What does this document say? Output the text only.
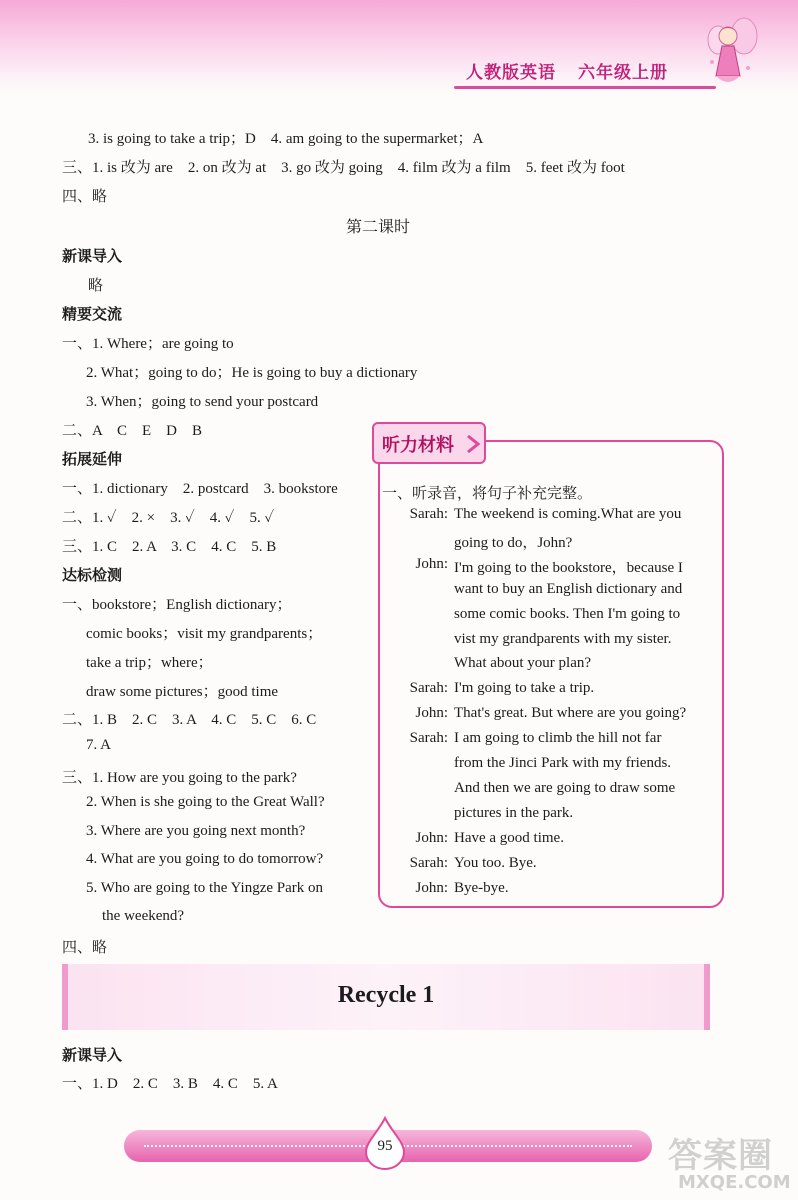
人教版英语 六年级上册
3. is going to take a trip；D　4. am going to the supermarket；A
三、1. is 改为 are　2. on 改为 at　3. go 改为 going　4. film 改为 a film　5. feet 改为 foot
四、略
第二课时
新课导入
略
精要交流
一、1. Where；are going to
2. What；going to do；He is going to buy a dictionary
3. When；going to send your postcard
二、A　C　E　D　B
拓展延伸
一、1. dictionary　2. postcard　3. bookstore
二、1. ✓　2. ×　3. ✓　4. ✓　5. ✓
三、1. C　2. A　3. C　4. C　5. B
达标检测
一、bookstore；English dictionary；
comic books；visit my grandparents；
take a trip；where；
draw some pictures；good time
二、1. B　2. C　3. A　4. C　5. C　6. C
7. A
三、1. How are you going to the park?
2. When is she going to the Great Wall?
3. Where are you going next month?
4. What are you going to do tomorrow?
5. Who are going to the Yingze Park on
the weekend?
四、略
听力材料
一、听录音，将句子补充完整。
Sarah: The weekend is coming.What are you
going to do，John?
John: I'm going to the bookstore，because I
want to buy an English dictionary and
some comic books. Then I'm going to
vist my grandparents with my sister.
What about your plan?
Sarah: I'm going to take a trip.
John: That's great. But where are you going?
Sarah: I am going to climb the hill not far
from the Jinci Park with my friends.
And then we are going to draw some
pictures in the park.
John: Have a good time.
Sarah: You too. Bye.
John: Bye-bye.
Recycle 1
新课导入
一、1. D　2. C　3. B　4. C　5. A
95	答案圈
MXQE.COM
